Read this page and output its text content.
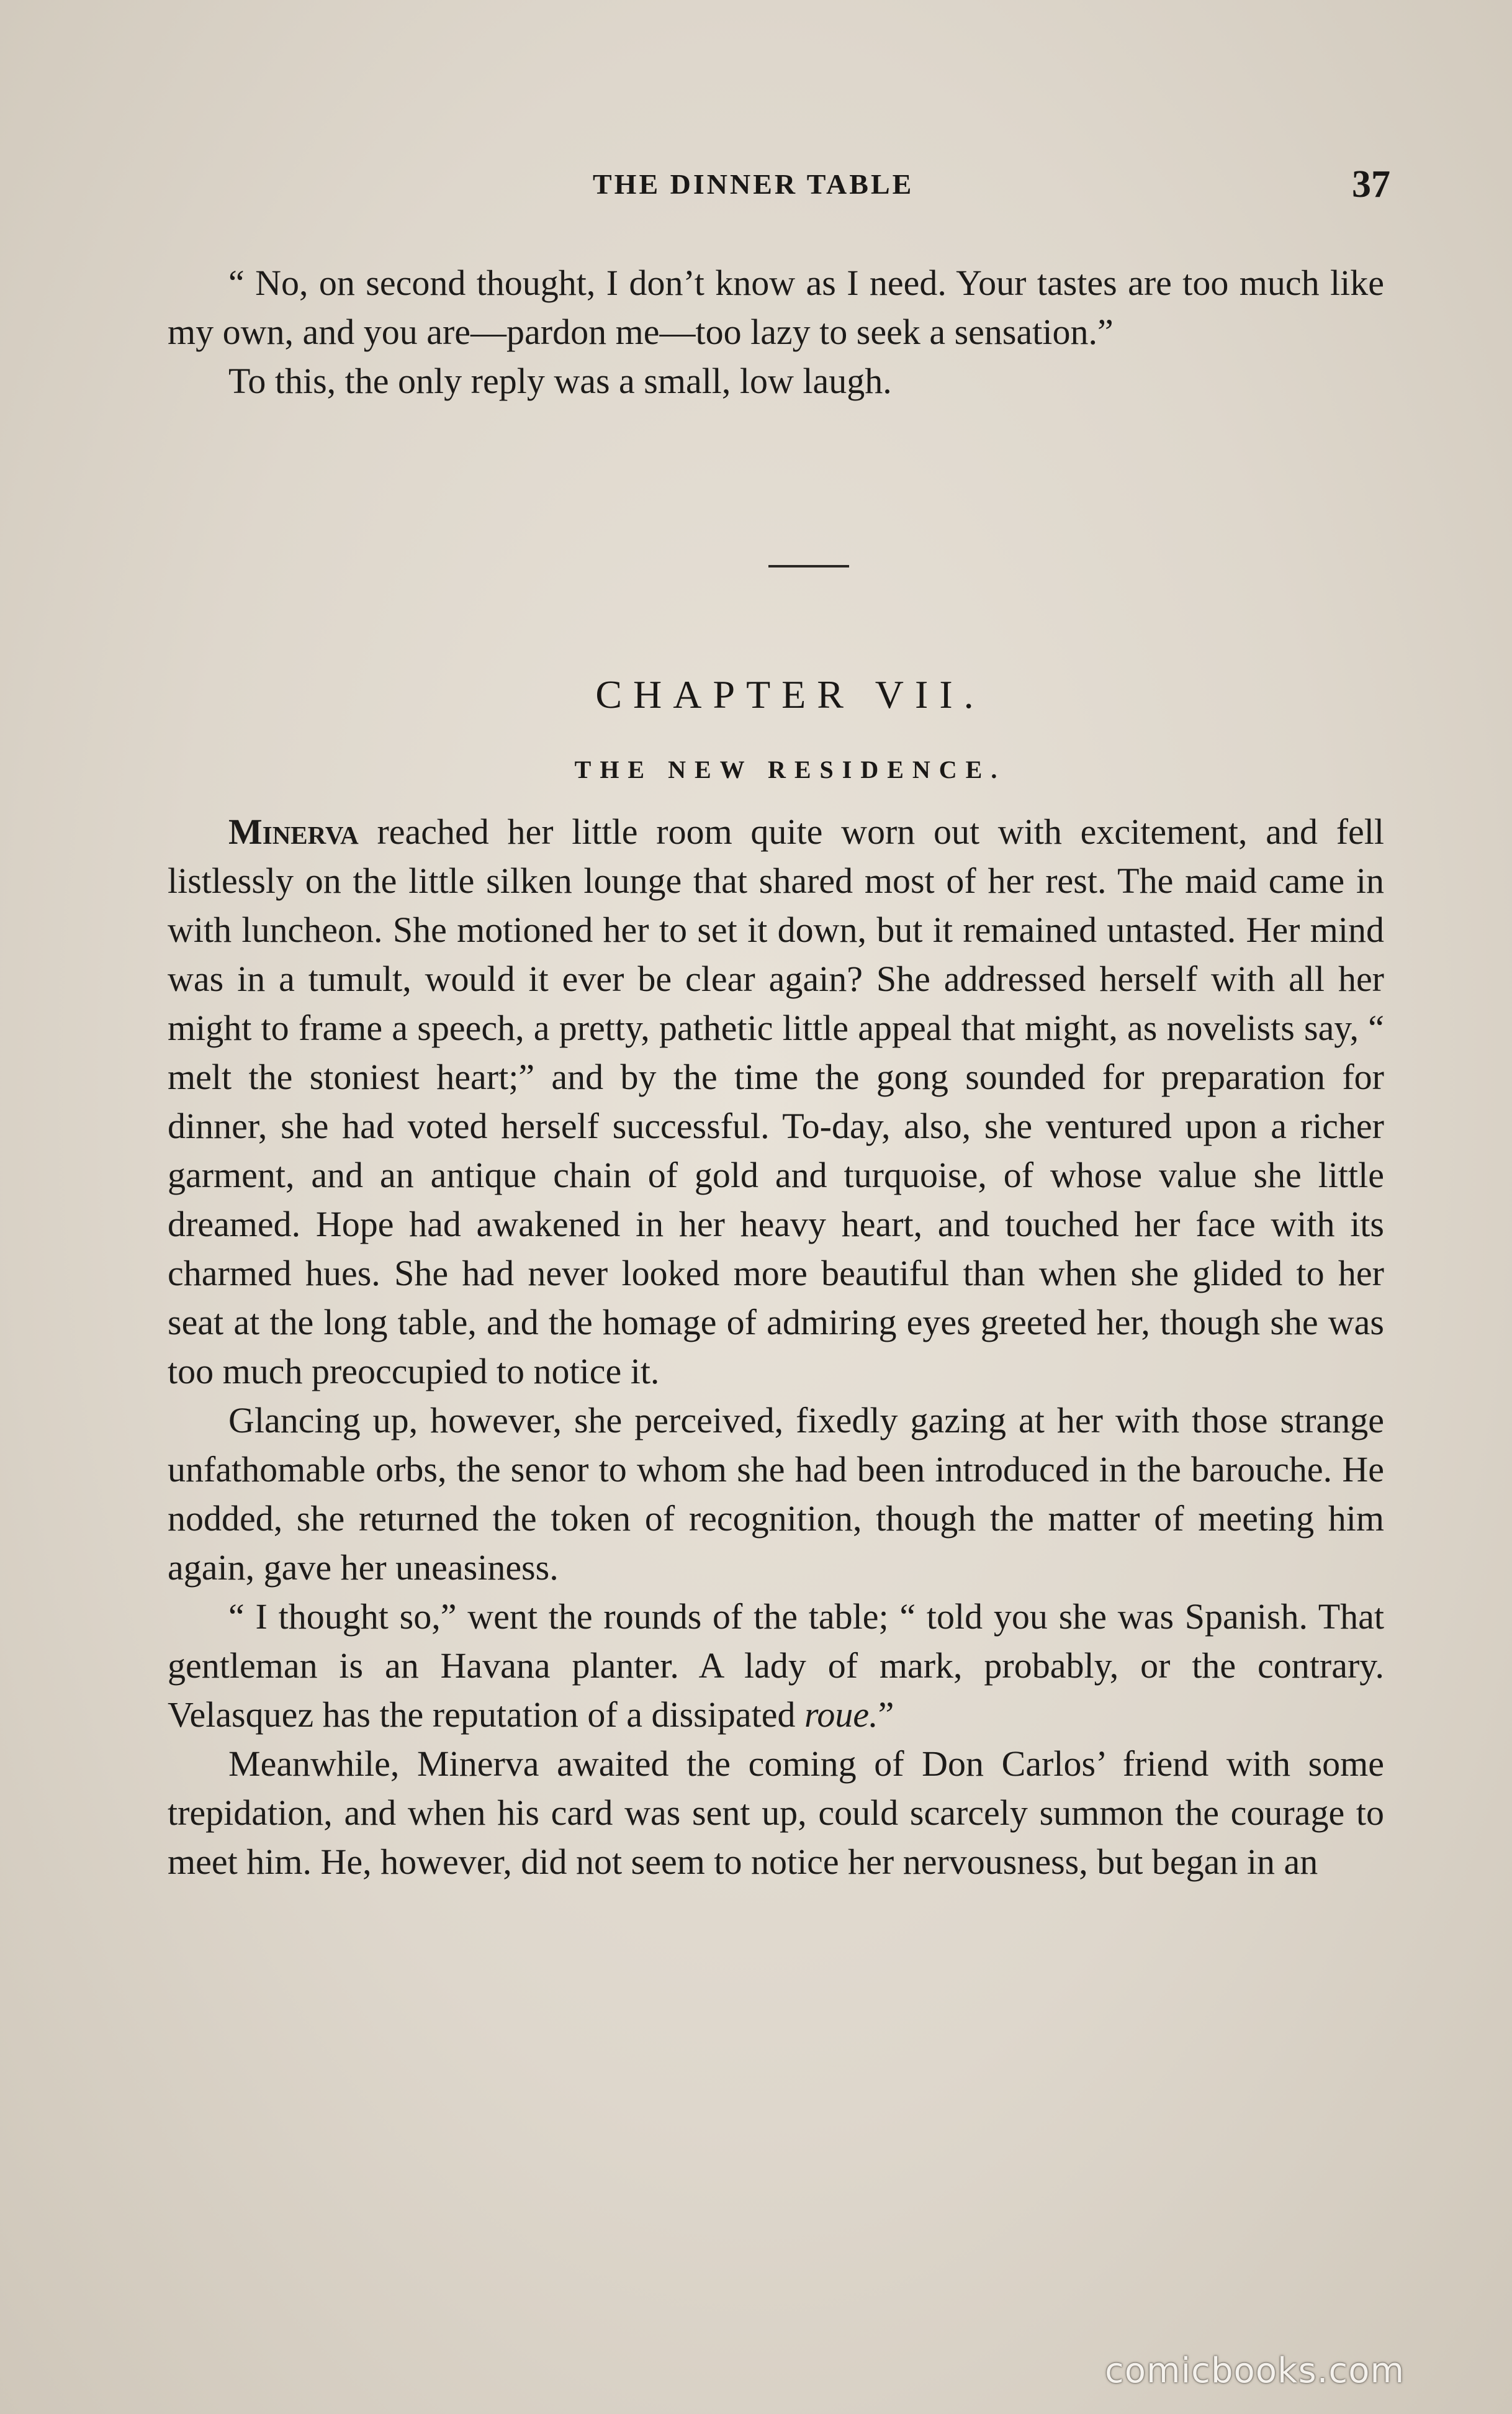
THE DINNER TABLE	37

“ No, on second thought, I don’t know as I need. Your tastes are too much like my own, and you are—pardon me—too lazy to seek a sensation.”

To this, the only reply was a small, low laugh.

CHAPTER VII.
THE NEW RESIDENCE.

Minerva reached her little room quite worn out with excitement, and fell listlessly on the little silken lounge that shared most of her rest. The maid came in with luncheon. She motioned her to set it down, but it remained untasted. Her mind was in a tumult, would it ever be clear again? She addressed herself with all her might to frame a speech, a pretty, pathetic little appeal that might, as novelists say, “ melt the stoniest heart;” and by the time the gong sounded for preparation for dinner, she had voted herself successful. To-day, also, she ventured upon a richer garment, and an antique chain of gold and turquoise, of whose value she little dreamed. Hope had awakened in her heavy heart, and touched her face with its charmed hues. She had never looked more beautiful than when she glided to her seat at the long table, and the homage of admiring eyes greeted her, though she was too much preoccupied to notice it.

Glancing up, however, she perceived, fixedly gazing at her with those strange unfathomable orbs, the senor to whom she had been introduced in the barouche. He nodded, she returned the token of recognition, though the matter of meeting him again, gave her uneasiness.

“ I thought so,” went the rounds of the table; “ told you she was Spanish. That gentleman is an Havana planter. A lady of mark, probably, or the contrary. Velasquez has the reputation of a dissipated roue.”

Meanwhile, Minerva awaited the coming of Don Carlos’ friend with some trepidation, and when his card was sent up, could scarcely summon the courage to meet him. He, however, did not seem to notice her nervousness, but began in an

comicbooks.com
